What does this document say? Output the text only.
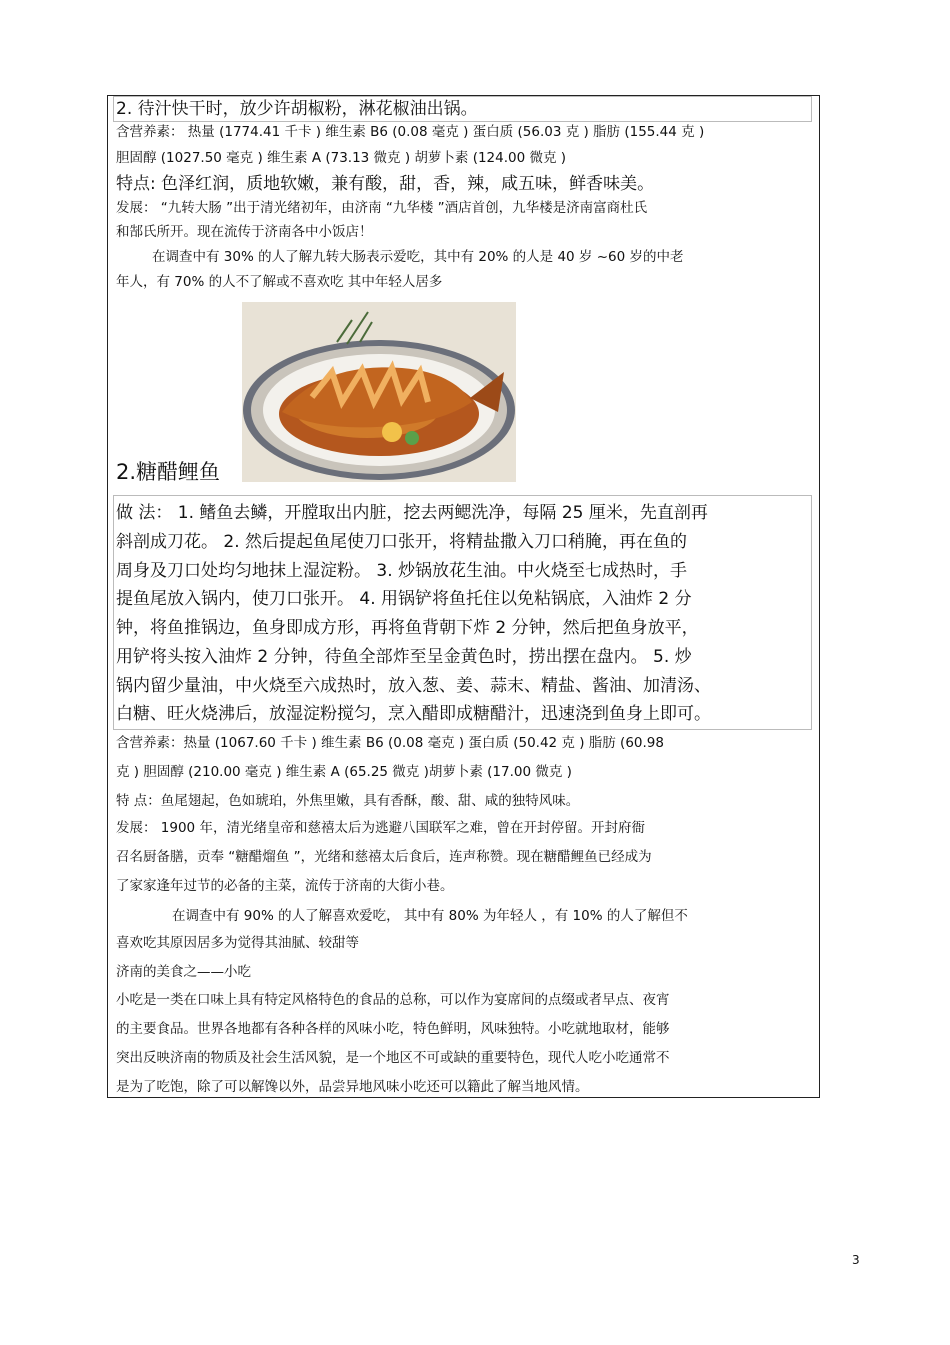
2. 待汁快干时，放少许胡椒粉，淋花椒油出锅。
含营养素： 热量 (1774.41 千卡 ) 维生素 B6 (0.08 毫克 ) 蛋白质 (56.03 克 ) 脂肪 (155.44 克 )
胆固醇 (1027.50 毫克 ) 维生素 A (73.13 微克 ) 胡萝卜素 (124.00 微克 )
特点: 色泽红润，质地软嫩，兼有酸，甜，香，辣，咸五味，鲜香味美。
发展： “九转大肠 ”出于清光绪初年，由济南 “九华楼 ”酒店首创，九华楼是济南富商杜氏
和郜氏所开。现在流传于济南各中小饭店！
在调查中有 30% 的人了解九转大肠表示爱吃，其中有 20% 的人是 40 岁 ~60 岁的中老
年人，有 70% 的人不了解或不喜欢吃 其中年轻人居多
2.糖醋鲤鱼
做 法： 1. 鳍鱼去鳞，开膛取出内脏，挖去两鳃洗净，每隔 25 厘米，先直剖再
斜剖成刀花。 2. 然后提起鱼尾使刀口张开，将精盐撒入刀口稍腌，再在鱼的
周身及刀口处均匀地抹上湿淀粉。 3. 炒锅放花生油。中火烧至七成热时，手
提鱼尾放入锅内，使刀口张开。 4. 用锅铲将鱼托住以免粘锅底，入油炸 2 分
钟，将鱼推锅边，鱼身即成方形，再将鱼背朝下炸 2 分钟，然后把鱼身放平，
用铲将头按入油炸 2 分钟，待鱼全部炸至呈金黄色时，捞出摆在盘内。 5. 炒
锅内留少量油，中火烧至六成热时，放入葱、姜、蒜末、精盐、酱油、加清汤、
白糖、旺火烧沸后，放湿淀粉搅匀，烹入醋即成糖醋汁，迅速浇到鱼身上即可。
含营养素：热量 (1067.60 千卡 ) 维生素 B6 (0.08 毫克 ) 蛋白质 (50.42 克 ) 脂肪 (60.98
克 ) 胆固醇 (210.00 毫克 ) 维生素 A (65.25 微克 )胡萝卜素 (17.00 微克 )
特 点：鱼尾翅起，色如琥珀，外焦里嫩，具有香酥，酸、甜、咸的独特风味。
发展： 1900 年，清光绪皇帝和慈禧太后为逃避八国联军之难，曾在开封停留。开封府衙
召名厨备膳，贡奉 “糖醋熘鱼 ”，光绪和慈禧太后食后，连声称赞。现在糖醋鲤鱼已经成为
了家家逢年过节的必备的主菜，流传于济南的大街小巷。
在调查中有 90% 的人了解喜欢爱吃， 其中有 80% 为年轻人 ，有 10% 的人了解但不
喜欢吃其原因居多为觉得其油腻、较甜等
济南的美食之——小吃
小吃是一类在口味上具有特定风格特色的食品的总称，可以作为宴席间的点缀或者早点、夜宵
的主要食品。世界各地都有各种各样的风味小吃，特色鲜明，风味独特。小吃就地取材，能够
突出反映济南的物质及社会生活风貌，是一个地区不可或缺的重要特色，现代人吃小吃通常不
是为了吃饱，除了可以解馋以外，品尝异地风味小吃还可以籍此了解当地风情。
3
